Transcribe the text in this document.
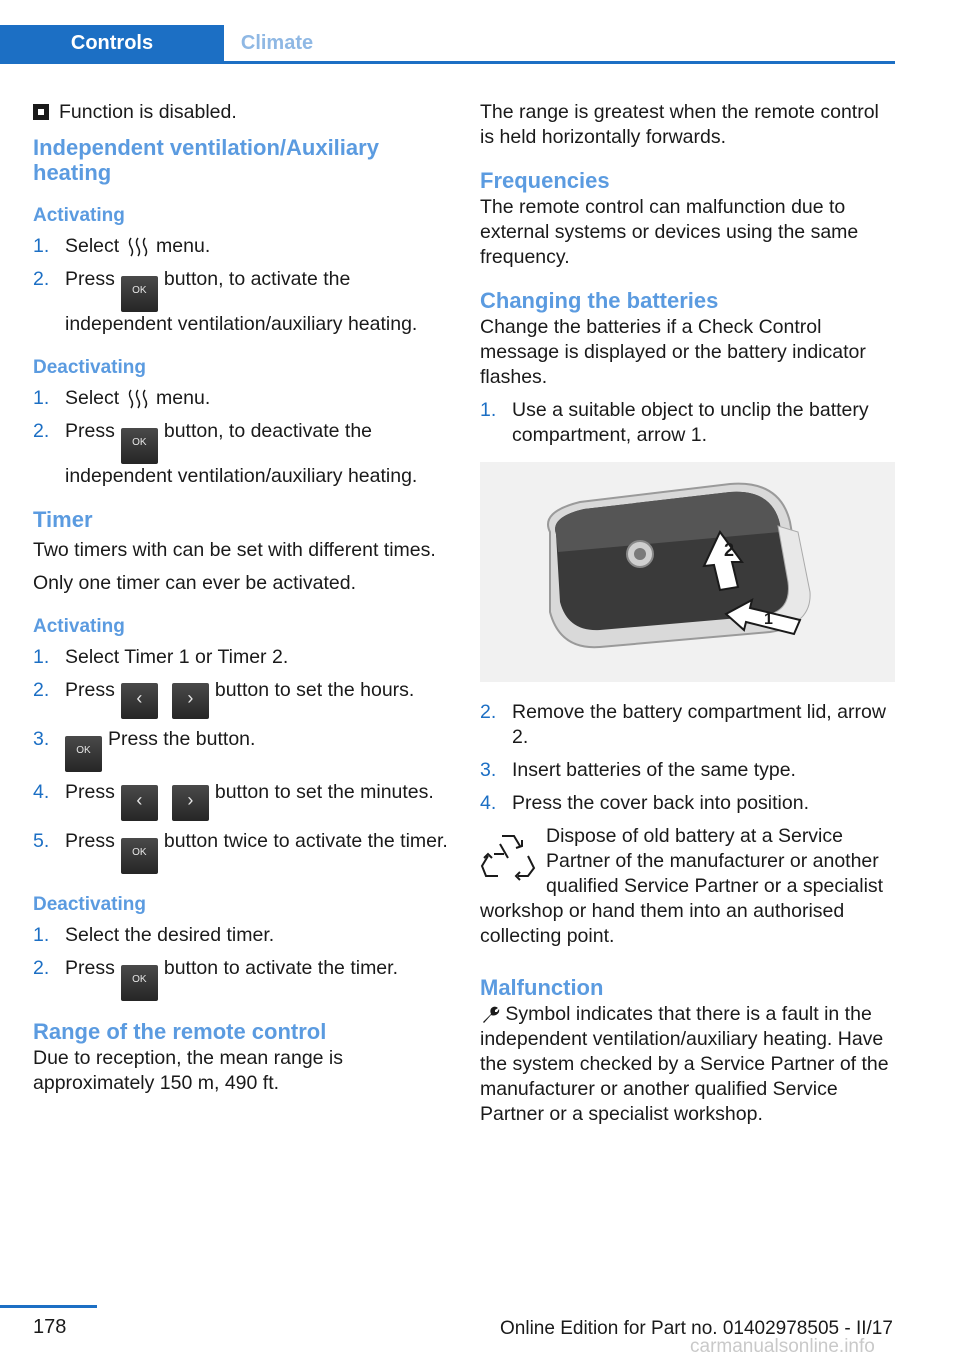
Controls	Climate

Function is disabled.

Independent ventilation/Auxiliary heating
Activating
1. Select menu.
2. PressOKbutton, to activate the independent ventilation/auxiliary heating.
Deactivating
1. Select menu.
2. PressOKbutton, to deactivate the independent ventilation/auxiliary heating.
Timer

Two timers with can be set with different times.

Only one timer can ever be activated.

Activating
1. Select Timer 1 or Timer 2.
2. Press ‹	› button to set the hours.
3.
OKPress the button.
4. Press ‹	› button to set the minutes.
5. PressOKbutton twice to activate the timer.
Deactivating
1. Select the desired timer.
2. PressOKbutton to activate the timer.
Range of the remote control

Due to reception, the mean range is approximately 150 m, 490 ft.

The range is greatest when the remote control is held horizontally forwards.

Frequencies

The remote control can malfunction due to external systems or devices using the same frequency.

Changing the batteries

Change the batteries if a Check Control message is displayed or the battery indicator flashes.

1. Use a suitable object to unclip the battery compartment, arrow 1.
2
1
2. Remove the battery compartment lid, arrow 2.
3. Insert batteries of the same type.
4. Press the cover back into position.
Dispose of old battery at a Service Partner of the manufacturer or another qualified Service Partner or a specialist workshop or hand them into an authorised collecting point.
Malfunction

Symbol indicates that there is a fault in the independent ventilation/auxiliary heating. Have the system checked by a Service Partner of the manufacturer or another qualified Service Partner or a specialist workshop.

178	Online Edition for Part no. 01402978505 - II/17
carmanualsonline.info
